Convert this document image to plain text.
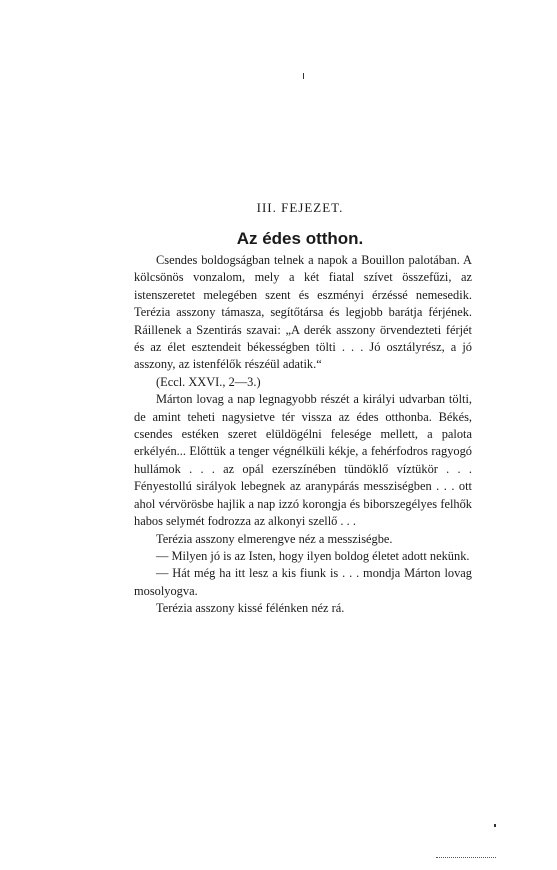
III. FEJEZET.
Az édes otthon.

Csendes boldogságban telnek a napok a Bouillon palotában. A kölcsönös vonzalom, mely a két fiatal szívet összefűzi, az istenszeretet melegében szent és eszményi érzéssé nemesedik. Terézia asszony támasza, segítőtársa és legjobb barátja férjének. Ráillenek a Szentirás szavai: „A derék asszony örvendezteti férjét és az élet esztendeit békességben tölti . . . Jó osztályrész, a jó asszony, az istenfélők részéül adatik.“

(Eccl. XXVI., 2—3.)

Márton lovag a nap legnagyobb részét a királyi udvarban tölti, de amint teheti nagysietve tér vissza az édes otthonba. Békés, csendes estéken szeret elüldögélni felesége mellett, a palota erkélyén... Előttük a tenger végnélküli kékje, a fehérfodros ragyogó hullámok . . . az opál ezerszínében tündöklő víztükör . . . Fényestollú sirályok lebegnek az aranypárás messziségben . . . ott ahol vérvörösbe hajlik a nap izzó korongja és biborszegélyes felhők habos selymét fodrozza az alkonyi szellő . . .

Terézia asszony elmerengve néz a messziségbe.

— Milyen jó is az Isten, hogy ilyen boldog életet adott nekünk.

— Hát még ha itt lesz a kis fiunk is . . . mondja Márton lovag mosolyogva.

Terézia asszony kissé félénken néz rá.
